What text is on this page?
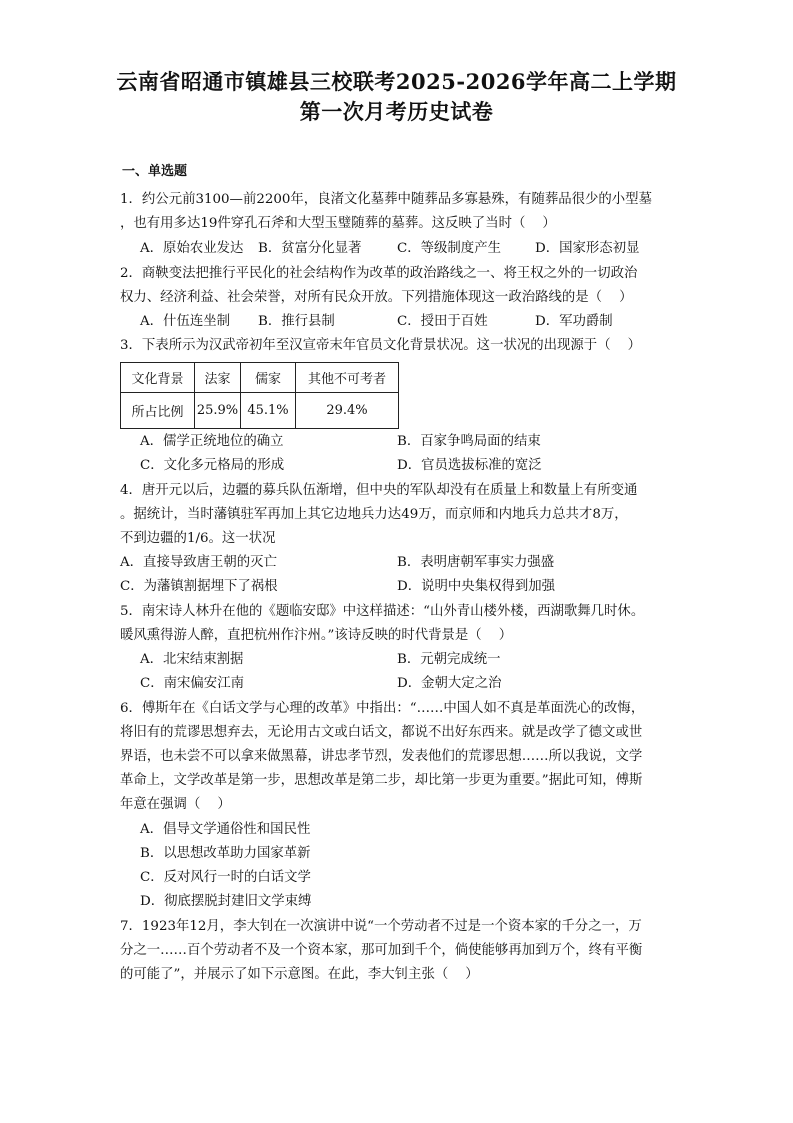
云南省昭通市镇雄县三校联考2025-2026学年高二上学期
第一次月考历史试卷
一、单选题
1．约公元前3100—前2200年，良渚文化墓葬中随葬品多寡悬殊，有随葬品很少的小型墓
，也有用多达19件穿孔石斧和大型玉璧随葬的墓葬。这反映了当时（    ）
A．原始农业发达 B．贫富分化显著	C．等级制度产生	D．国家形态初显
2．商鞅变法把推行平民化的社会结构作为改革的政治路线之一、将王权之外的一切政治
权力、经济利益、社会荣誉，对所有民众开放。下列措施体现这一政治路线的是（    ）
A．什伍连坐制 B．推行县制	C．授田于百姓	D．军功爵制
3．下表所示为汉武帝初年至汉宣帝末年官员文化背景状况。这一状况的出现源于（    ）
文化背景	法家	儒家	其他不可考者
所占比例	25.9%	45.1%	29.4%
A．儒学正统地位的确立	B．百家争鸣局面的结束
C．文化多元格局的形成	D．官员选拔标准的宽泛
4．唐开元以后，边疆的募兵队伍渐增，但中央的军队却没有在质量上和数量上有所变通
。据统计，当时藩镇驻军再加上其它边地兵力达49万，而京师和内地兵力总共才8万，
不到边疆的1/6。这一状况
A．直接导致唐王朝的灭亡	B．表明唐朝军事实力强盛
C．为藩镇割据埋下了祸根	D．说明中央集权得到加强
5．南宋诗人林升在他的《题临安邸》中这样描述：“山外青山楼外楼，西湖歌舞几时休。
暖风熏得游人醉，直把杭州作汴州。”该诗反映的时代背景是（    ）
A．北宋结束割据	B．元朝完成统一
C．南宋偏安江南	D．金朝大定之治
6．傅斯年在《白话文学与心理的改革》中指出：“……中国人如不真是革面洗心的改悔，
将旧有的荒谬思想弃去，无论用古文或白话文，都说不出好东西来。就是改学了德文或世
界语，也未尝不可以拿来做黑幕，讲忠孝节烈，发表他们的荒谬思想……所以我说，文学
革命上，文学改革是第一步，思想改革是第二步，却比第一步更为重要。”据此可知，傅斯
年意在强调（    ）
A．倡导文学通俗性和国民性
B．以思想改革助力国家革新
C．反对风行一时的白话文学
D．彻底摆脱封建旧文学束缚
7．1923年12月，李大钊在一次演讲中说“一个劳动者不过是一个资本家的千分之一，万
分之一……百个劳动者不及一个资本家，那可加到千个，倘使能够再加到万个，终有平衡
的可能了”，并展示了如下示意图。在此，李大钊主张（    ）
